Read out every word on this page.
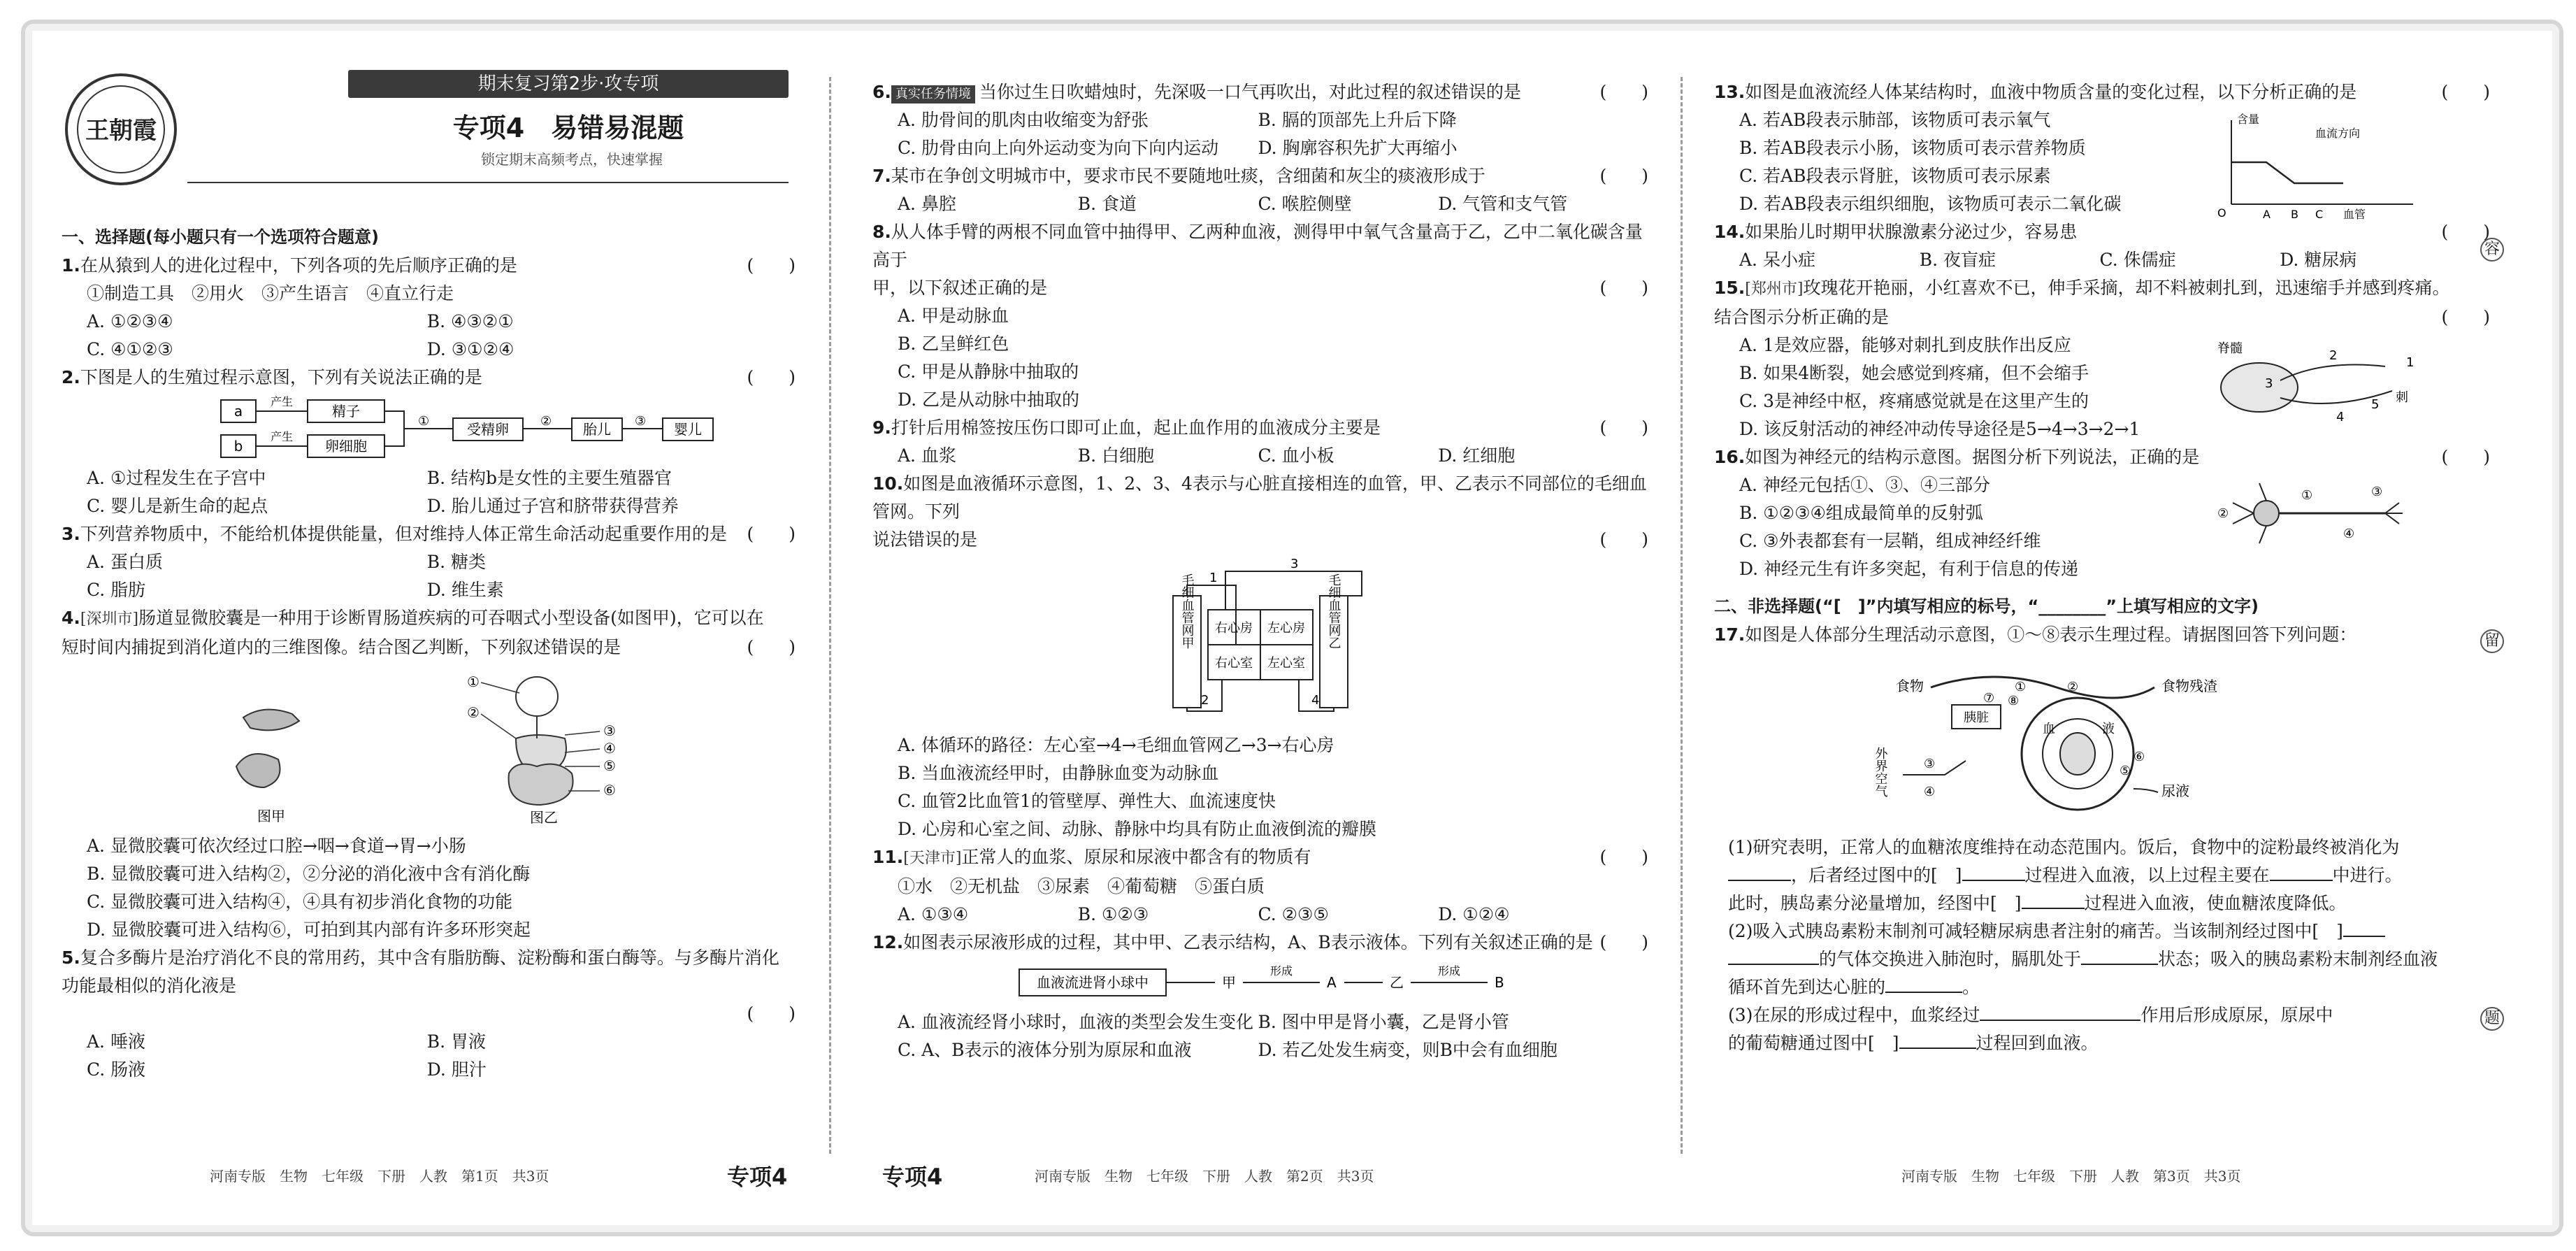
王朝霞
期末复习第2步·攻专项
专项4　易错易混题
锁定期末高频考点，快速掌握
一、选择题(每小题只有一个选项符合题意)
1.在从猿到人的进化过程中，下列各项的先后顺序正确的是	(　　)
①制造工具　②用火　③产生语言　④直立行走
A. ①②③④	B. ④③②①
C. ④①②③	D. ③①②④
2.下图是人的生殖过程示意图，下列有关说法正确的是	(　　)
a
b
产生
产生
精子
卵细胞
①	受精卵	② 胎儿 ③ 婴儿
A. ①过程发生在子宫中	B. 结构b是女性的主要生殖器官
C. 婴儿是新生命的起点	D. 胎儿通过子宫和脐带获得营养
3.下列营养物质中，不能给机体提供能量，但对维持人体正常生命活动起重要作用的是 (　　)
A. 蛋白质	B. 糖类
C. 脂肪	D. 维生素
4.[深圳市]肠道显微胶囊是一种用于诊断胃肠道疾病的可吞咽式小型设备(如图甲)，它可以在
短时间内捕捉到消化道内的三维图像。结合图乙判断，下列叙述错误的是	(　　)
图甲
①
②
③
④
⑤
⑥
图乙
A. 显微胶囊可依次经过口腔→咽→食道→胃→小肠
B. 显微胶囊可进入结构②，②分泌的消化液中含有消化酶
C. 显微胶囊可进入结构④，④具有初步消化食物的功能
D. 显微胶囊可进入结构⑥，可拍到其内部有许多环形突起
5.复合多酶片是治疗消化不良的常用药，其中含有脂肪酶、淀粉酶和蛋白酶等。与多酶片消化
功能最相似的消化液是

(　　)
A. 唾液	B. 胃液
C. 肠液	D. 胆汁
6. 真实任务情境 当你过生日吹蜡烛时，先深吸一口气再吹出，对此过程的叙述错误的是	(　　)
A. 肋骨间的肌肉由收缩变为舒张	B. 膈的顶部先上升后下降
C. 肋骨由向上向外运动变为向下向内运动	D. 胸廓容积先扩大再缩小
7.某市在争创文明城市中，要求市民不要随地吐痰，含细菌和灰尘的痰液形成于	(　　)
A. 鼻腔	B. 食道	C. 喉腔侧壁	D. 气管和支气管
8.从人体手臂的两根不同血管中抽得甲、乙两种血液，测得甲中氧气含量高于乙，乙中二氧化碳含量高于
甲，以下叙述正确的是	(　　)
A. 甲是动脉血
B. 乙呈鲜红色
C. 甲是从静脉中抽取的
D. 乙是从动脉中抽取的
9.打针后用棉签按压伤口即可止血，起止血作用的血液成分主要是	(　　)
A. 血浆	B. 白细胞	C. 血小板	D. 红细胞
10.如图是血液循环示意图，1、2、3、4表示与心脏直接相连的血管，甲、乙表示不同部位的毛细血管网。下列
说法错误的是	(　　)
毛细血管网甲	毛细血管网乙
右心房 左心房
右心室 左心室
1
2
3
4
A. 体循环的路径：左心室→4→毛细血管网乙→3→右心房
B. 当血液流经甲时，由静脉血变为动脉血
C. 血管2比血管1的管壁厚、弹性大、血流速度快
D. 心房和心室之间、动脉、静脉中均具有防止血液倒流的瓣膜
11.[天津市]正常人的血浆、原尿和尿液中都含有的物质有	(　　)
①水　②无机盐　③尿素　④葡萄糖　⑤蛋白质
A. ①③④	B. ①②③	C. ②③⑤	D. ①②④
12.如图表示尿液形成的过程，其中甲、乙表示结构，A、B表示液体。下列有关叙述正确的是 (　　)
血液流进肾小球中	甲
形成
A	乙
形成
B
A. 血液流经肾小球时，血液的类型会发生变化 B. 图中甲是肾小囊，乙是肾小管
C. A、B表示的液体分别为原尿和血液	D. 若乙处发生病变，则B中会有血细胞
13.如图是血液流经人体某结构时，血液中物质含量的变化过程，以下分析正确的是	(　　)
A. 若AB段表示肺部，该物质可表示氧气
B. 若AB段表示小肠，该物质可表示营养物质
C. 若AB段表示肾脏，该物质可表示尿素
D. 若AB段表示组织细胞，该物质可表示二氧化碳
含量
血流方向
O	A B C 血管
14.如果胎儿时期甲状腺激素分泌过少，容易患	(　　)
A. 呆小症	B. 夜盲症	C. 侏儒症	D. 糖尿病
15.[郑州市]玫瑰花开艳丽，小红喜欢不已，伸手采摘，却不料被刺扎到，迅速缩手并感到疼痛。
结合图示分析正确的是	(　　)
A. 1是效应器，能够对刺扎到皮肤作出反应
B. 如果4断裂，她会感觉到疼痛，但不会缩手
C. 3是神经中枢，疼痛感觉就是在这里产生的
D. 该反射活动的神经冲动传导途径是5→4→3→2→1
脊髓
1
2
3
4
5 刺
16.如图为神经元的结构示意图。据图分析下列说法，正确的是	(　　)
A. 神经元包括①、③、④三部分
B. ①②③④组成最简单的反射弧
C. ③外表都套有一层鞘，组成神经纤维
D. 神经元生有许多突起，有利于信息的传递
②
①	③
④
二、非选择题(“[　]”内填写相应的标号，“________”上填写相应的文字)
17.如图是人体部分生理活动示意图，①～⑧表示生理过程。请据图回答下列问题：
食物	食物残渣
胰脏
血	液
外界空气	尿液
①	②
⑦
③
④
⑤
⑥
⑧
(1)研究表明，正常人的血糖浓度维持在动态范围内。饭后，食物中的淀粉最终被消化为
，后者经过图中的[　]	过程进入血液，以上过程主要在	中进行。
此时，胰岛素分泌量增加，经图中[　]	过程进入血液，使血糖浓度降低。
(2)吸入式胰岛素粉末制剂可减轻糖尿病患者注射的痛苦。当该制剂经过图中[　]
的气体交换进入肺泡时，膈肌处于	状态；吸入的胰岛素粉末制剂经血液
循环首先到达心脏的	。
(3)在尿的形成过程中，血浆经过	作用后形成原尿，原尿中
的葡萄糖通过图中[　]	过程回到血液。
容
留
题
河南专版　生物　七年级　下册　人教　第1页　共3页	专项4	专项4	河南专版　生物　七年级　下册　人教　第2页　共3页	河南专版　生物　七年级　下册　人教　第3页　共3页
